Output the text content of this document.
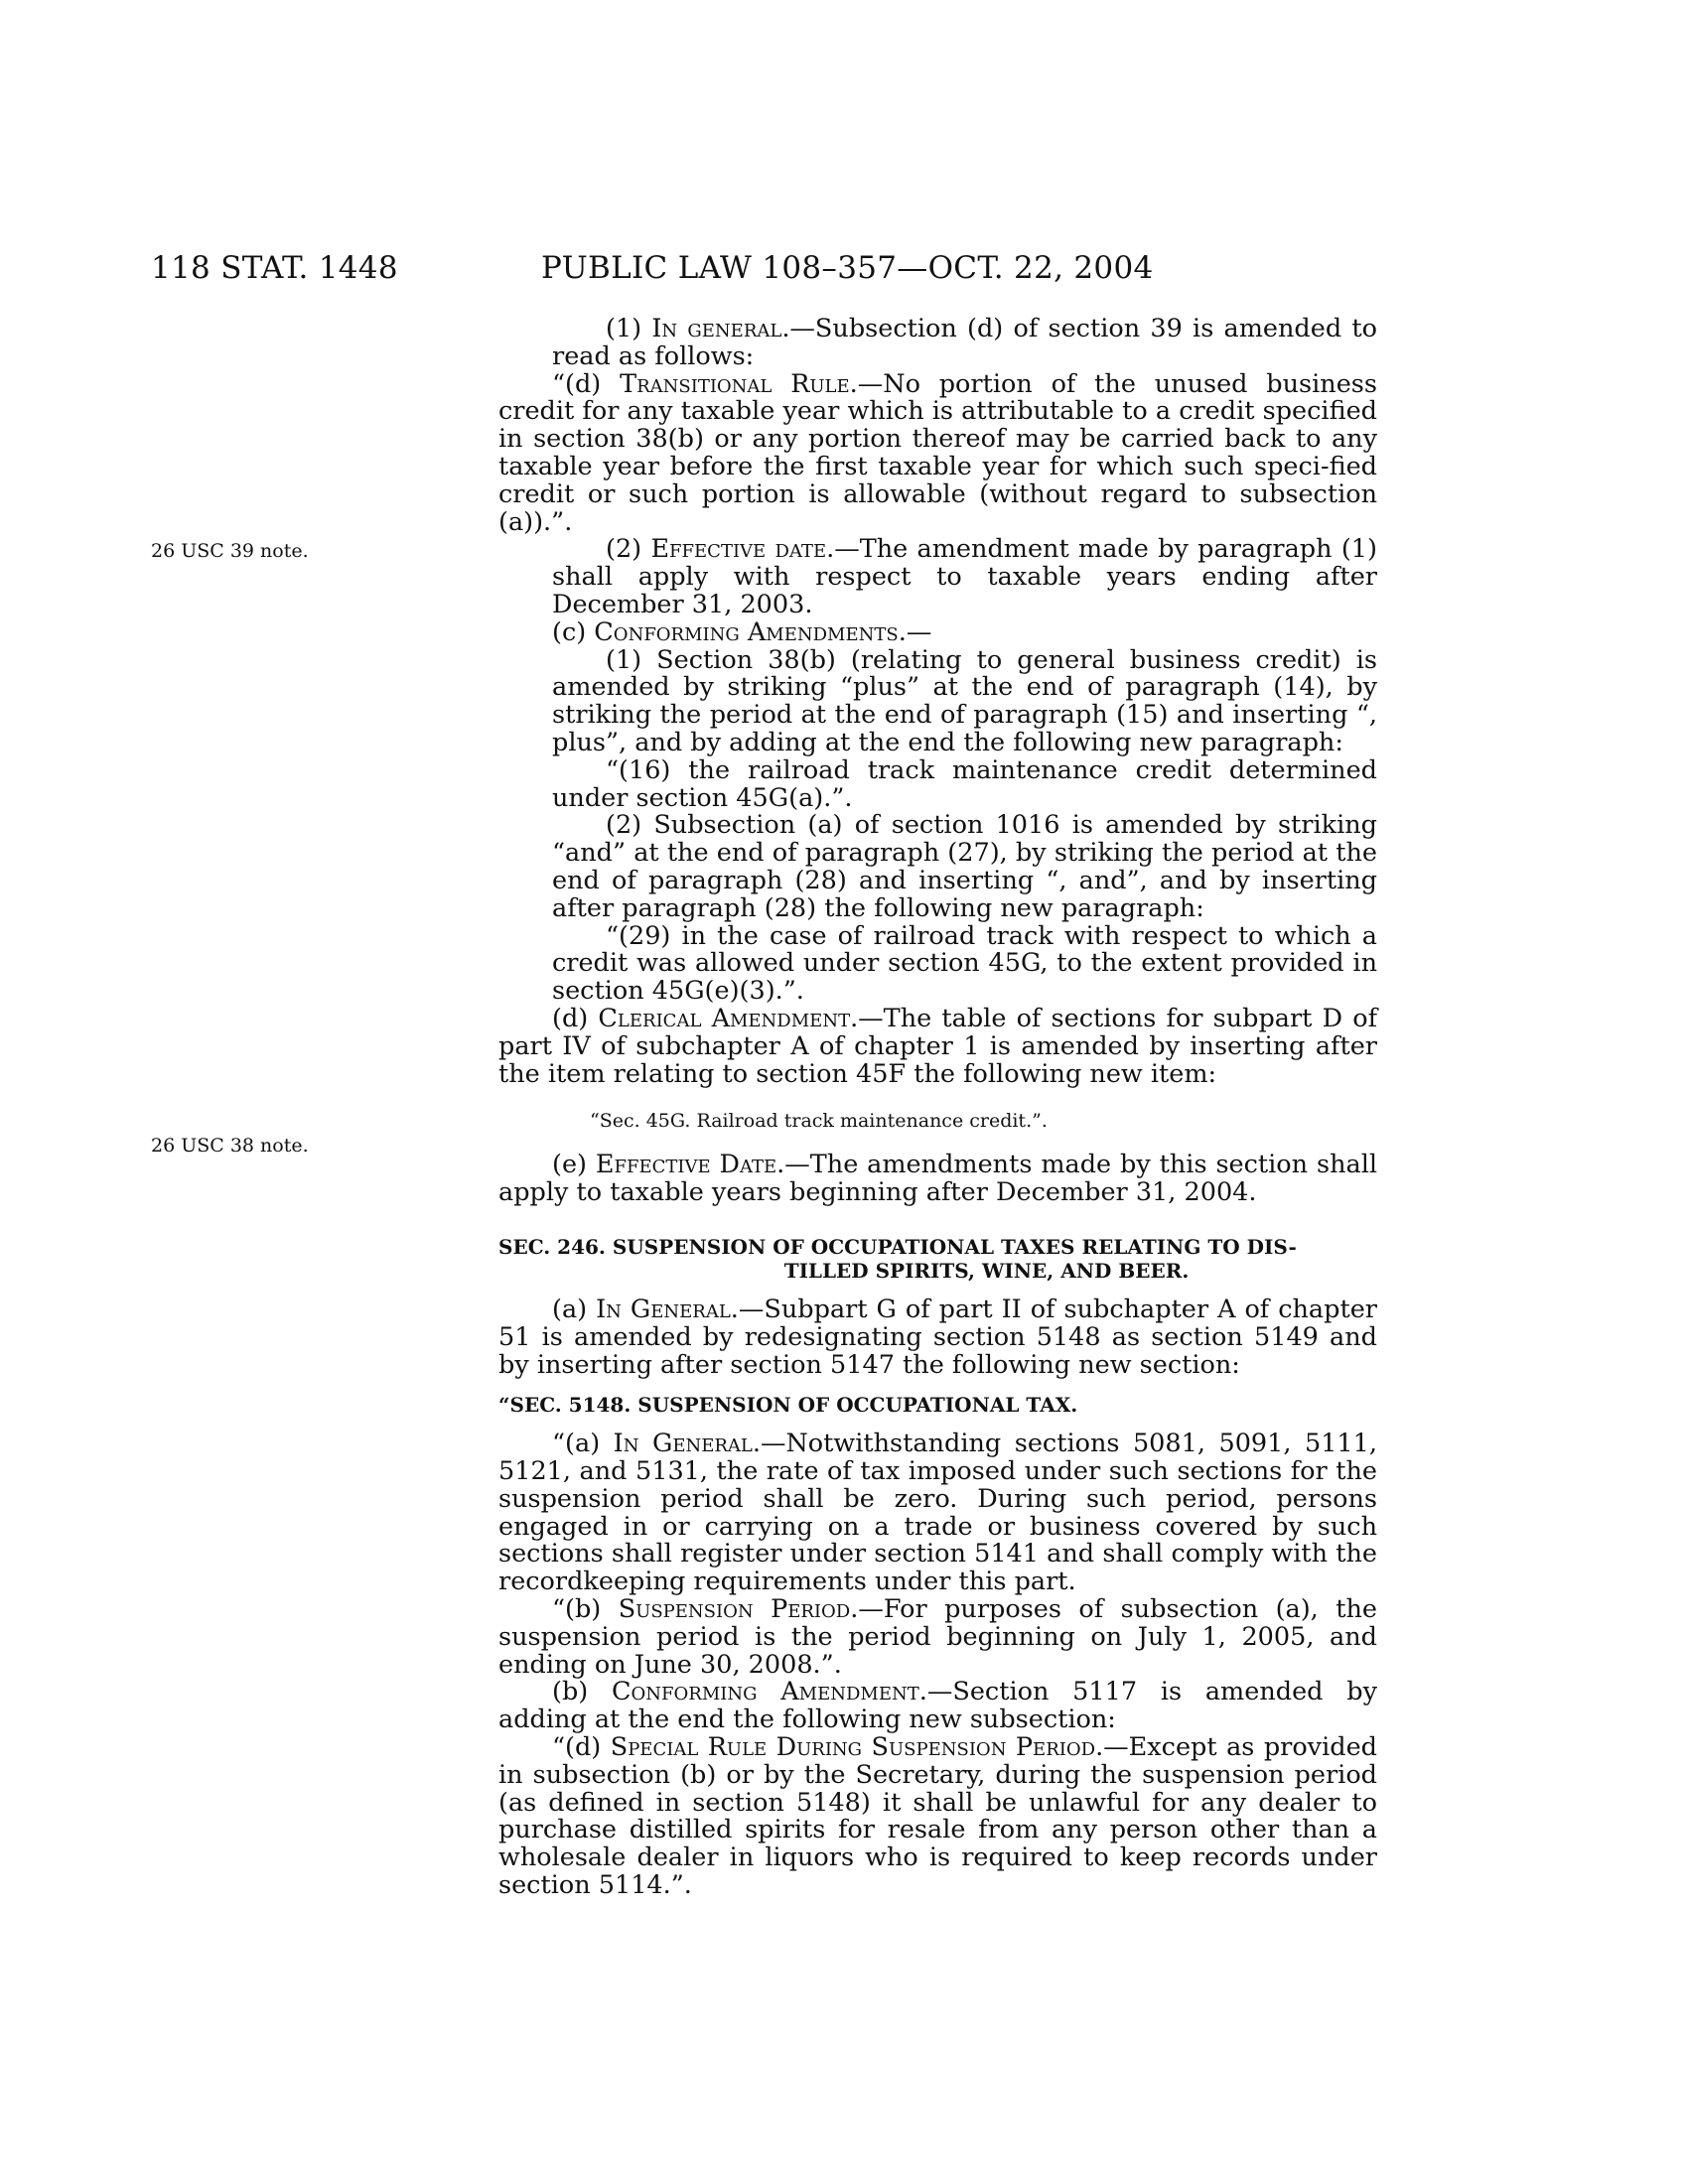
118 STAT. 1448	PUBLIC LAW 108–357—OCT. 22, 2004
26 USC 39 note.
26 USC 38 note.

(1) In general.—Subsection (d) of section 39 is amended to read as follows:

“(d) Transitional Rule.—No portion of the unused business credit for any taxable year which is attributable to a credit specified in section 38(b) or any portion thereof may be carried back to any taxable year before the first taxable year for which such speci-fied credit or such portion is allowable (without regard to subsection (a)).”.

(2) Effective date.—The amendment made by paragraph (1) shall apply with respect to taxable years ending after December 31, 2003.

(c) Conforming Amendments.—

(1) Section 38(b) (relating to general business credit) is amended by striking “plus” at the end of paragraph (14), by striking the period at the end of paragraph (15) and inserting “, plus”, and by adding at the end the following new paragraph:

“(16) the railroad track maintenance credit determined under section 45G(a).”.

(2) Subsection (a) of section 1016 is amended by striking “and” at the end of paragraph (27), by striking the period at the end of paragraph (28) and inserting “, and”, and by inserting after paragraph (28) the following new paragraph:

“(29) in the case of railroad track with respect to which a credit was allowed under section 45G, to the extent provided in section 45G(e)(3).”.

(d) Clerical Amendment.—The table of sections for subpart D of part IV of subchapter A of chapter 1 is amended by inserting after the item relating to section 45F the following new item:

“Sec. 45G. Railroad track maintenance credit.”.

(e) Effective Date.—The amendments made by this section shall apply to taxable years beginning after December 31, 2004.

SEC. 246. SUSPENSION OF OCCUPATIONAL TAXES RELATING TO DIS-
TILLED SPIRITS, WINE, AND BEER.

(a) In General.—Subpart G of part II of subchapter A of chapter 51 is amended by redesignating section 5148 as section 5149 and by inserting after section 5147 the following new section:

“SEC. 5148. SUSPENSION OF OCCUPATIONAL TAX.

“(a) In General.—Notwithstanding sections 5081, 5091, 5111, 5121, and 5131, the rate of tax imposed under such sections for the suspension period shall be zero. During such period, persons engaged in or carrying on a trade or business covered by such sections shall register under section 5141 and shall comply with the recordkeeping requirements under this part.

“(b) Suspension Period.—For purposes of subsection (a), the suspension period is the period beginning on July 1, 2005, and ending on June 30, 2008.”.

(b) Conforming Amendment.—Section 5117 is amended by adding at the end the following new subsection:

“(d) Special Rule During Suspension Period.—Except as provided in subsection (b) or by the Secretary, during the suspension period (as defined in section 5148) it shall be unlawful for any dealer to purchase distilled spirits for resale from any person other than a wholesale dealer in liquors who is required to keep records under section 5114.”.
